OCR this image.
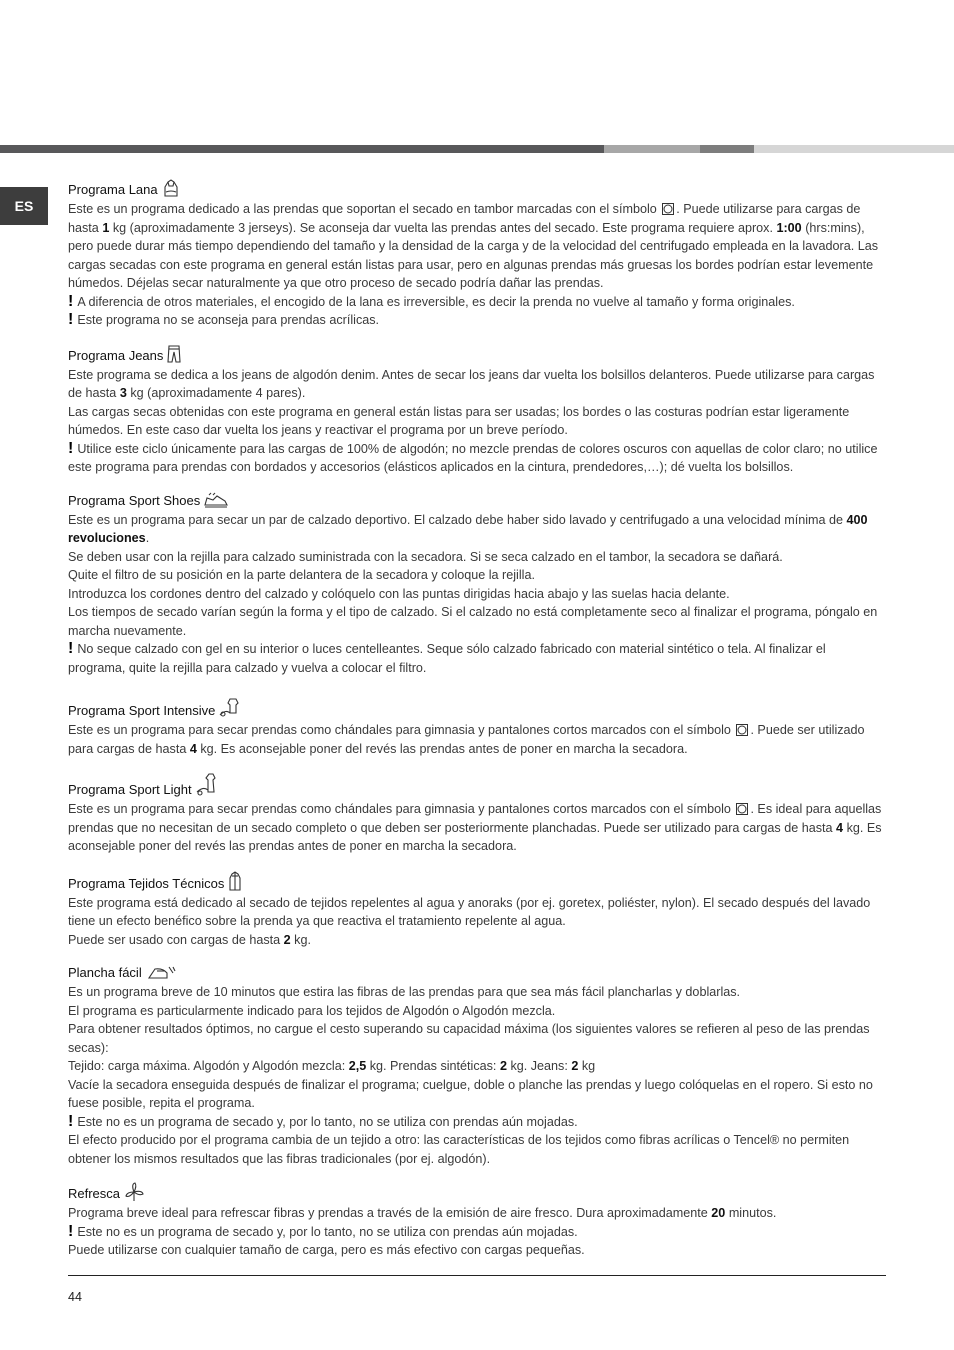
ES
Programa Lana

Este es un programa dedicado a las prendas que soportan el secado en tambor marcadas con el símbolo . Puede utilizarse para cargas de hasta 1 kg (aproximadamente 3 jerseys). Se aconseja dar vuelta las prendas antes del secado. Este programa requiere aprox. 1:00 (hrs:mins), pero puede durar más tiempo dependiendo del tamaño y la densidad de la carga y de la velocidad del centrifugado empleada en la lavadora. Las cargas secadas con este programa en general están listas para usar, pero en algunas prendas más gruesas los bordes podrían estar levemente húmedos. Déjelas secar naturalmente ya que otro proceso de secado podría dañar las prendas.

! A diferencia de otros materiales, el encogido de la lana es irreversible, es decir la prenda no vuelve al tamaño y forma originales.

! Este programa no se aconseja para prendas acrílicas.

Programa Jeans

Este programa se dedica a los jeans de algodón denim. Antes de secar los jeans dar vuelta los bolsillos delanteros. Puede utilizarse para cargas de hasta 3 kg (aproximadamente 4 pares).

Las cargas secas obtenidas con este programa en general están listas para ser usadas; los bordes o las costuras podrían estar ligeramente húmedos. En este caso dar vuelta los jeans y reactivar el programa por un breve período.

! Utilice este ciclo únicamente para las cargas de 100% de algodón; no mezcle prendas de colores oscuros con aquellas de color claro; no utilice este programa para prendas con bordados y accesorios (elásticos aplicados en la cintura, prendedores,…); dé vuelta los bolsillos.

Programa Sport Shoes

Este es un programa para secar un par de calzado deportivo. El calzado debe haber sido lavado y centrifugado a una velocidad mínima de 400 revoluciones.

Se deben usar con la rejilla para calzado suministrada con la secadora. Si se seca calzado en el tambor, la secadora se dañará.

Quite el filtro de su posición en la parte delantera de la secadora y coloque la rejilla.

Introduzca los cordones dentro del calzado y colóquelo con las puntas dirigidas hacia abajo y las suelas hacia delante.

Los tiempos de secado varían según la forma y el tipo de calzado. Si el calzado no está completamente seco al finalizar el programa, póngalo en marcha nuevamente.

! No seque calzado con gel en su interior o luces centelleantes. Seque sólo calzado fabricado con material sintético o tela. Al finalizar el programa, quite la rejilla para calzado y vuelva a colocar el filtro.

Programa Sport Intensive

Este es un programa para secar prendas como chándales para gimnasia y pantalones cortos marcados con el símbolo . Puede ser utilizado para cargas de hasta 4 kg. Es aconsejable poner del revés las prendas antes de poner en marcha la secadora.

Programa Sport Light

Este es un programa para secar prendas como chándales para gimnasia y pantalones cortos marcados con el símbolo . Es ideal para aquellas prendas que no necesitan de un secado completo o que deben ser posteriormente planchadas. Puede ser utilizado para cargas de hasta 4 kg. Es aconsejable poner del revés las prendas antes de poner en marcha la secadora.

Programa Tejidos Técnicos

Este programa está dedicado al secado de tejidos repelentes al agua y anoraks (por ej. goretex, poliéster, nylon). El secado después del lavado tiene un efecto benéfico sobre la prenda ya que reactiva el tratamiento repelente al agua.

Puede ser usado con cargas de hasta 2 kg.

Plancha fácil

Es un programa breve de 10 minutos que estira las fibras de las prendas para que sea más fácil plancharlas y doblarlas.

El programa es particularmente indicado para los tejidos de Algodón o Algodón mezcla.

Para obtener resultados óptimos, no cargue el cesto superando su capacidad máxima (los siguientes valores se refieren al peso de las prendas secas):

Tejido: carga máxima. Algodón y Algodón mezcla: 2,5 kg. Prendas sintéticas: 2 kg. Jeans: 2 kg

Vacíe la secadora enseguida después de finalizar el programa; cuelgue, doble o planche las prendas y luego colóquelas en el ropero. Si esto no fuese posible, repita el programa.

! Este no es un programa de secado y, por lo tanto, no se utiliza con prendas aún mojadas.

El efecto producido por el programa cambia de un tejido a otro: las características de los tejidos como fibras acrílicas o Tencel® no permiten obtener los mismos resultados que las fibras tradicionales (por ej. algodón).

Refresca

Programa breve ideal para refrescar fibras y prendas a través de la emisión de aire fresco. Dura aproximadamente 20 minutos.

! Este no es un programa de secado y, por lo tanto, no se utiliza con prendas aún mojadas.

Puede utilizarse con cualquier tamaño de carga, pero es más efectivo con cargas pequeñas.

44
